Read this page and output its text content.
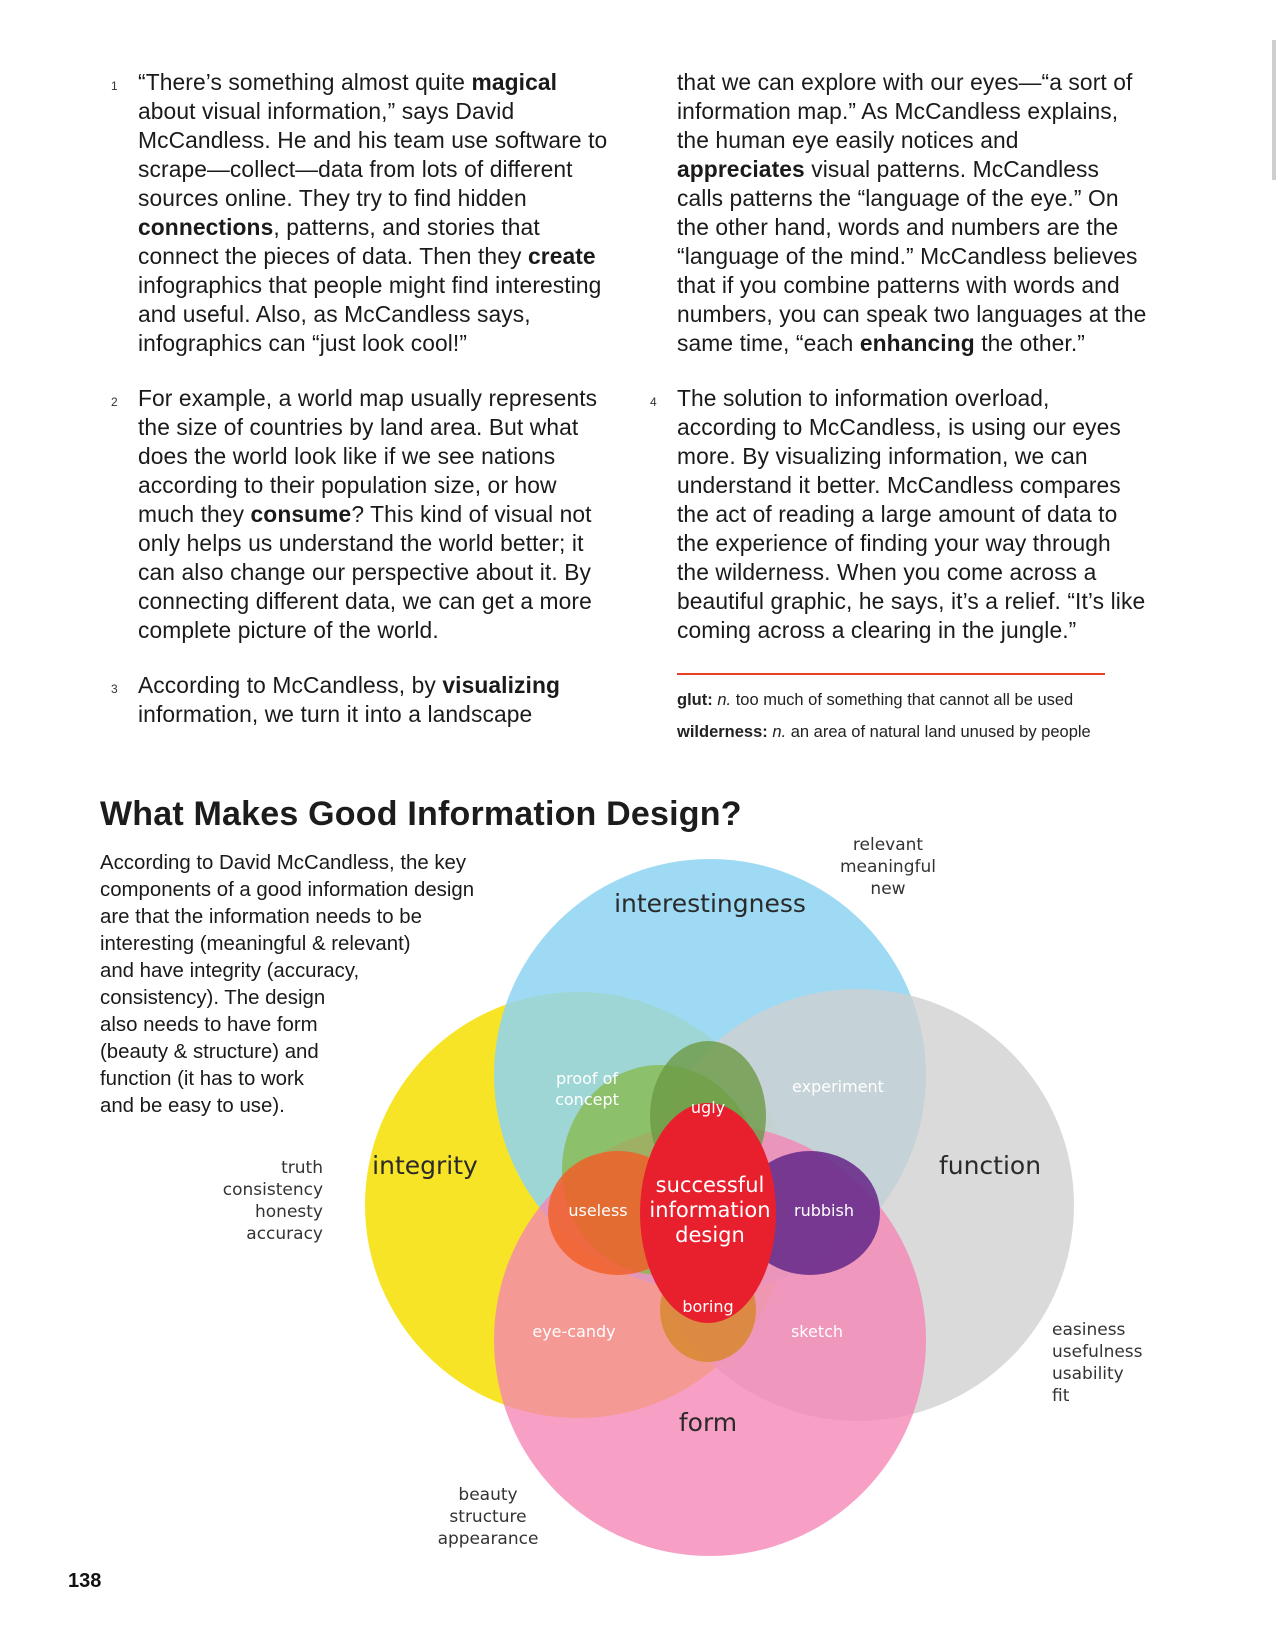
1 “There’s something almost quite magical about visual information,” says David McCandless. He and his team use software to scrape—collect—data from lots of different sources online. They try to find hidden connections, patterns, and stories that connect the pieces of data. Then they create infographics that people might find interesting and useful. Also, as McCandless says, infographics can “just look cool!”
2 For example, a world map usually represents the size of countries by land area. But what does the world look like if we see nations according to their population size, or how much they consume? This kind of visual not only helps us understand the world better; it can also change our perspective about it. By connecting different data, we can get a more complete picture of the world.
3 According to McCandless, by visualizing information, we turn it into a landscape
that we can explore with our eyes—“a sort of information map.” As McCandless explains, the human eye easily notices and appreciates visual patterns. McCandless calls patterns the “language of the eye.” On the other hand, words and numbers are the “language of the mind.” McCandless believes that if you combine patterns with words and numbers, you can speak two languages at the same time, “each enhancing the other.”
4 The solution to information overload, according to McCandless, is using our eyes more. By visualizing information, we can understand it better. McCandless compares the act of reading a large amount of data to the experience of finding your way through the wilderness. When you come across a beautiful graphic, he says, it’s a relief. “It’s like coming across a clearing in the jungle.”
glut: n. too much of something that cannot all be used
wilderness: n. an area of natural land unused by people
interestingness
integrity	function
form
proof of
concept
experiment
ugly
useless	rubbish
boring
eye-candy	sketch
successful
information
design
relevant
meaningful
new
truth
consistency
honesty
accuracy
easiness
usefulness
usability
fit
beauty
structure
appearance
What Makes Good Information Design?
According to David McCandless, the key
components of a good information design
are that the information needs to be
interesting (meaningful & relevant)
and have integrity (accuracy,
consistency). The design
also needs to have form
(beauty & structure) and
function (it has to work
and be easy to use).
138
